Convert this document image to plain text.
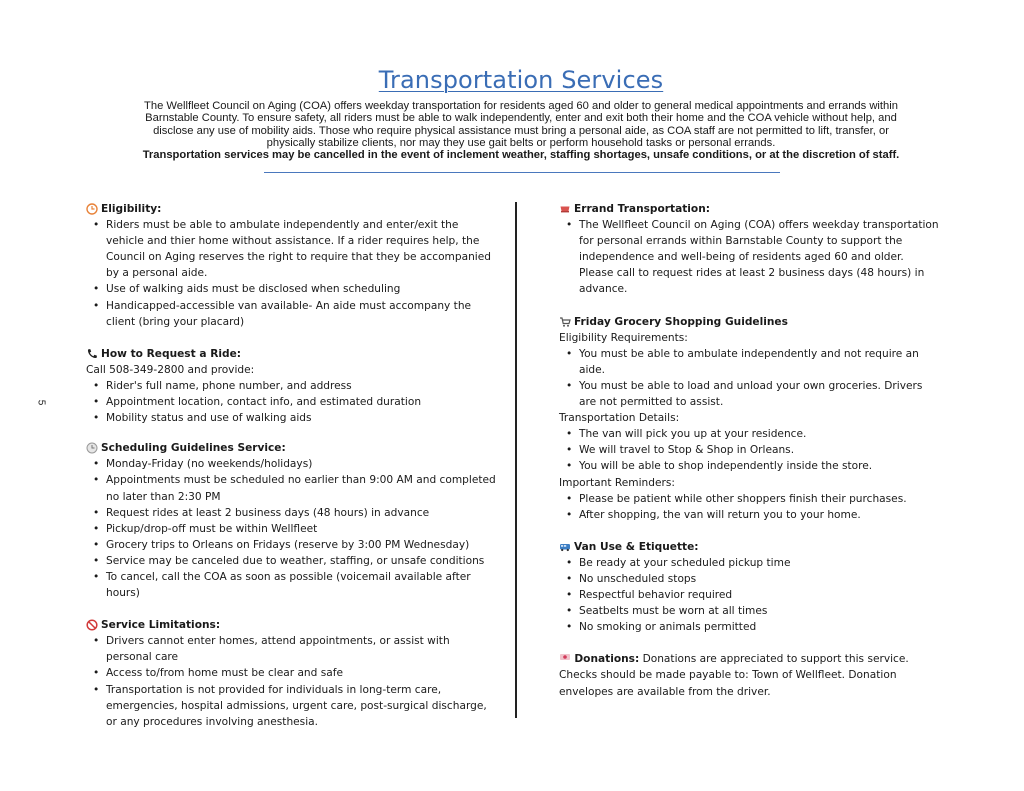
Transportation Services
The Wellfleet Council on Aging (COA) offers weekday transportation for residents aged 60 and older to general medical appointments and errands within
Barnstable County. To ensure safety, all riders must be able to walk independently, enter and exit both their home and the COA vehicle without help, and
disclose any use of mobility aids. Those who require physical assistance must bring a personal aide, as COA staff are not permitted to lift, transfer, or
physically stabilize clients, nor may they use gait belts or perform household tasks or personal errands.
Transportation services may be cancelled in the event of inclement weather, staffing shortages, unsafe conditions, or at the discretion of staff.
5
Eligibility:
• Riders must be able to ambulate independently and enter/exit the vehicle and thier home without assistance. If a rider requires help, the Council on Aging reserves the right to require that they be accompanied by a personal aide.
• Use of walking aids must be disclosed when scheduling
• Handicapped-accessible van available- An aide must accompany the client (bring your placard)
How to Request a Ride:
Call 508-349-2800 and provide:
• Rider's full name, phone number, and address
• Appointment location, contact info, and estimated duration
• Mobility status and use of walking aids
Scheduling Guidelines Service:
• Monday-Friday (no weekends/holidays)
• Appointments must be scheduled no earlier than 9:00 AM and completed no later than 2:30 PM
• Request rides at least 2 business days (48 hours) in advance
• Pickup/drop-off must be within Wellfleet
• Grocery trips to Orleans on Fridays (reserve by 3:00 PM Wednesday)
• Service may be canceled due to weather, staffing, or unsafe conditions
• To cancel, call the COA as soon as possible (voicemail available after hours)
Service Limitations:
• Drivers cannot enter homes, attend appointments, or assist with personal care
• Access to/from home must be clear and safe
• Transportation is not provided for individuals in long-term care, emergencies, hospital admissions, urgent care, post-surgical discharge, or any procedures involving anesthesia.
Errand Transportation:
• The Wellfleet Council on Aging (COA) offers weekday transportation for personal errands within Barnstable County to support the independence and well-being of residents aged 60 and older. Please call to request rides at least 2 business days (48 hours) in advance.
Friday Grocery Shopping Guidelines
Eligibility Requirements:
• You must be able to ambulate independently and not require an aide.
• You must be able to load and unload your own groceries. Drivers are not permitted to assist.
Transportation Details:
• The van will pick you up at your residence.
• We will travel to Stop & Shop in Orleans.
• You will be able to shop independently inside the store.
Important Reminders:
• Please be patient while other shoppers finish their purchases.
• After shopping, the van will return you to your home.
Van Use & Etiquette:
• Be ready at your scheduled pickup time
• No unscheduled stops
• Respectful behavior required
• Seatbelts must be worn at all times
• No smoking or animals permitted
Donations: Donations are appreciated to support this service. Checks should be made payable to: Town of Wellfleet. Donation envelopes are available from the driver.
